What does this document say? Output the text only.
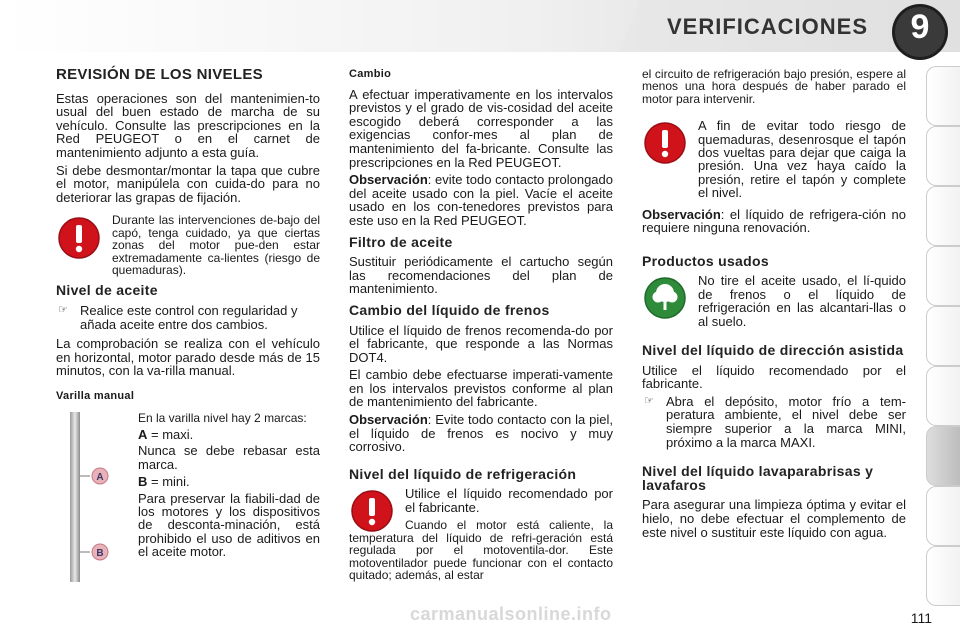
VERIFICACIONES	9
REVISIÓN DE LOS NIVELES

Estas operaciones son del mantenimien-to usual del buen estado de marcha de su vehículo. Consulte las prescripciones en la Red PEUGEOT o en el carnet de mantenimiento adjunto a esta guía.

Si debe desmontar/montar la tapa que cubre el motor, manipúlela con cuida-do para no deteriorar las grapas de fijación.

Durante las intervenciones de-bajo del capó, tenga cuidado, ya que ciertas zonas del motor pue-den estar extremadamente ca-lientes (riesgo de quemaduras).
Nivel de aceite
☞ Realice este control con regularidad y añada aceite entre dos cambios.

La comprobación se realiza con el vehículo en horizontal, motor parado desde más de 15 minutos, con la va-rilla manual.

Varilla manual
A
B
En la varilla nivel hay 2 marcas:
A = maxi.

Nunca se debe rebasar esta marca.

B = mini.

Para preservar la fiabili-dad de los motores y los dispositivos de desconta-minación, está prohibido el uso de aditivos en el aceite motor.

Cambio

A efectuar imperativamente en los intervalos previstos y el grado de vis-cosidad del aceite escogido deberá corresponder a las exigencias confor-mes al plan de mantenimiento del fa-bricante. Consulte las prescripciones en la Red PEUGEOT.

Observación: evite todo contacto prolongado del aceite usado con la piel. Vacíe el aceite usado en los con-tenedores previstos para este uso en la Red PEUGEOT.

Filtro de aceite

Sustituir periódicamente el cartucho según las recomendaciones del plan de mantenimiento.

Cambio del líquido de frenos

Utilice el líquido de frenos recomenda-do por el fabricante, que responde a las Normas DOT4.

El cambio debe efectuarse imperati-vamente en los intervalos previstos conforme al plan de mantenimiento del fabricante.

Observación: Evite todo contacto con la piel, el líquido de frenos es nocivo y muy corrosivo.

Nivel del líquido de refrigeración

Utilice el líquido recomendado por el fabricante.

Cuando el motor está caliente, la temperatura del líquido de refri-geración está regulada por el motoventila-dor. Este motoventilador puede funcionar con el contacto quitado; además, al estar

el circuito de refrigeración bajo presión, espere al menos una hora después de haber parado el motor para intervenir.

A fin de evitar todo riesgo de quemaduras, desenrosque el tapón dos vueltas para dejar que caiga la presión. Una vez haya caído la presión, retire el tapón y complete el nivel.

Observación: el líquido de refrigera-ción no requiere ninguna renovación.

Productos usados
No tire el aceite usado, el lí-quido de frenos o el líquido de refrigeración en las alcantari-llas o al suelo.
Nivel del líquido de dirección asistida

Utilice el líquido recomendado por el fabricante.

☞ Abra el depósito, motor frío a tem-peratura ambiente, el nivel debe ser siempre superior a la marca MINI, próximo a la marca MAXI.
Nivel del líquido lavaparabrisas y lavafaros

Para asegurar una limpieza óptima y evitar el hielo, no debe efectuar el complemento de este nivel o sustituir este líquido con agua.

carmanualsonline.info	111
